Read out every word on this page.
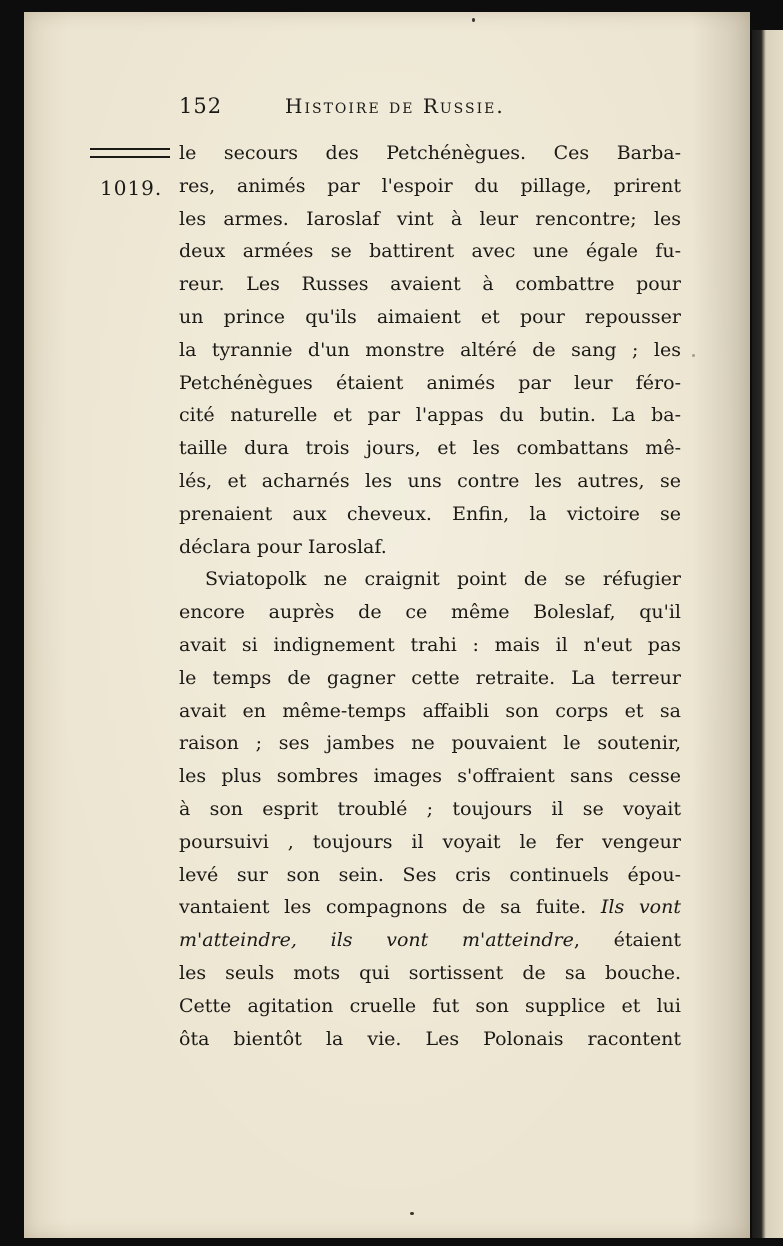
152	Histoire de Russie.
1019.
le secours des Petchénègues. Ces Barba-
res, animés par l'espoir du pillage, prirent
les armes. Iaroslaf vint à leur rencontre; les
deux armées se battirent avec une égale fu-
reur. Les Russes avaient à combattre pour
un prince qu'ils aimaient et pour repousser
la tyrannie d'un monstre altéré de sang ; les
Petchénègues étaient animés par leur féro-
cité naturelle et par l'appas du butin. La ba-
taille dura trois jours, et les combattans mê-
lés, et acharnés les uns contre les autres, se
prenaient aux cheveux. Enfin, la victoire se
déclara pour Iaroslaf.
Sviatopolk ne craignit point de se réfugier
encore auprès de ce même Boleslaf, qu'il
avait si indignement trahi : mais il n'eut pas
le temps de gagner cette retraite. La terreur
avait en même-temps affaibli son corps et sa
raison ; ses jambes ne pouvaient le soutenir,
les plus sombres images s'offraient sans cesse
à son esprit troublé ; toujours il se voyait
poursuivi , toujours il voyait le fer vengeur
levé sur son sein. Ses cris continuels épou-
vantaient les compagnons de sa fuite. Ils vont
m'atteindre, ils vont m'atteindre, étaient
les seuls mots qui sortissent de sa bouche.
Cette agitation cruelle fut son supplice et lui
ôta bientôt la vie. Les Polonais racontent
